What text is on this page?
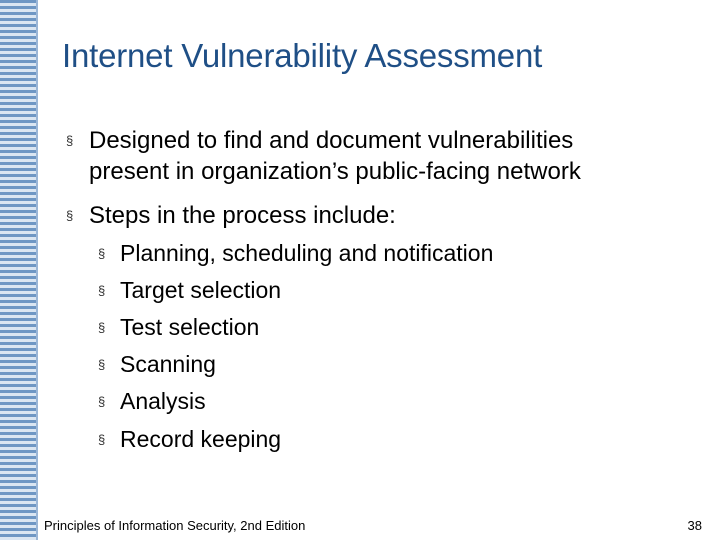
Internet Vulnerability Assessment
§ Designed to find and document vulnerabilities
present in organization’s public-facing network
§ Steps in the process include:
§ Planning, scheduling and notification
§ Target selection
§ Test selection
§ Scanning
§ Analysis
§ Record keeping
Principles of Information Security, 2nd Edition	38
